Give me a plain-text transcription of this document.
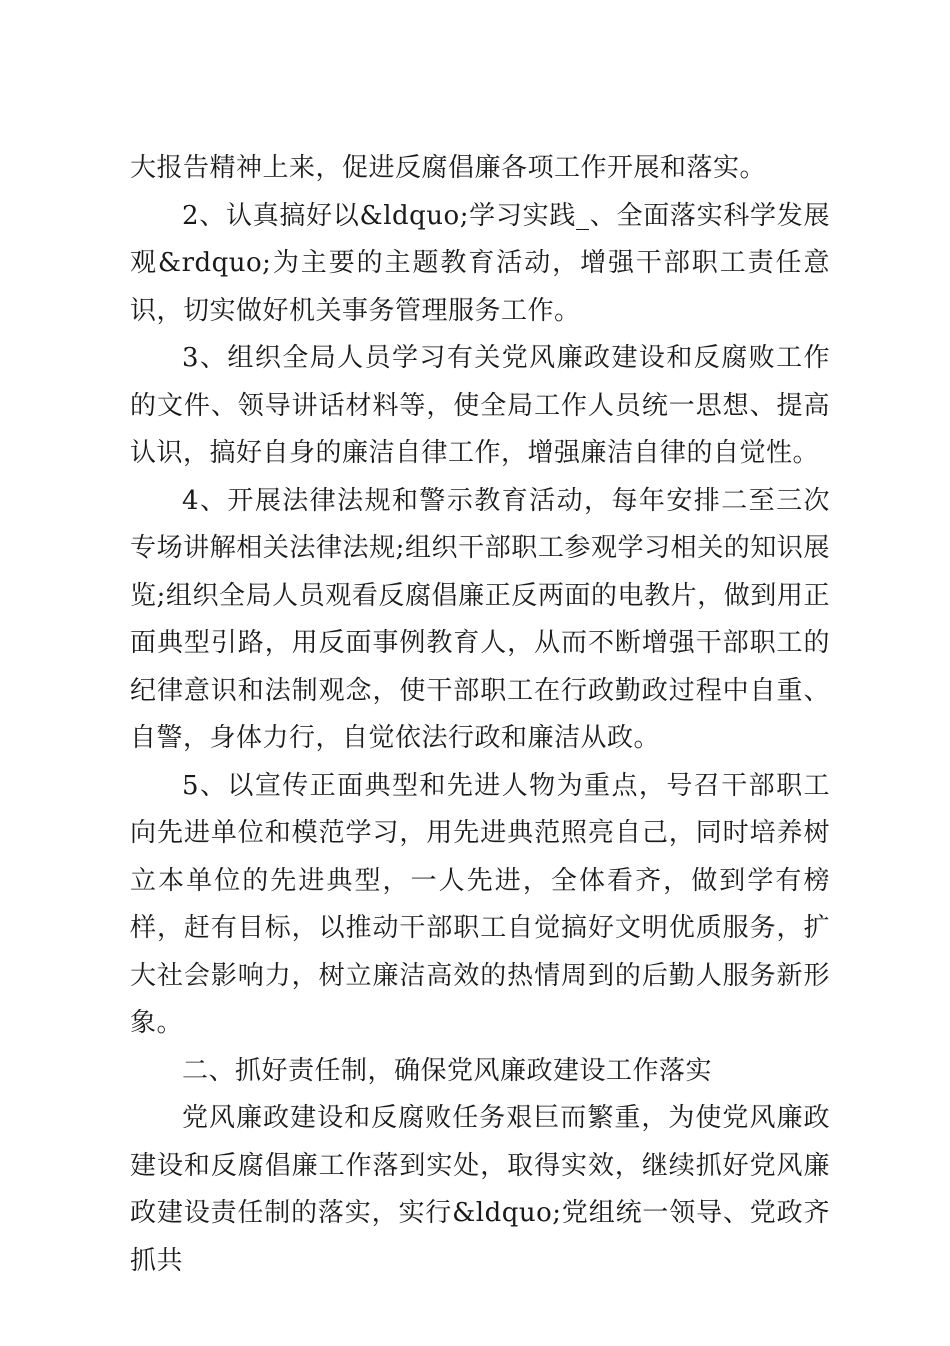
大报告精神上来，促进反腐倡廉各项工作开展和落实。

2、认真搞好以&ldquo;学习实践_、全面落实科学发展观&rdquo;为主要的主题教育活动，增强干部职工责任意识，切实做好机关事务管理服务工作。

3、组织全局人员学习有关党风廉政建设和反腐败工作的文件、领导讲话材料等，使全局工作人员统一思想、提高认识，搞好自身的廉洁自律工作，增强廉洁自律的自觉性。

4、开展法律法规和警示教育活动，每年安排二至三次专场讲解相关法律法规;组织干部职工参观学习相关的知识展览;组织全局人员观看反腐倡廉正反两面的电教片，做到用正面典型引路，用反面事例教育人，从而不断增强干部职工的纪律意识和法制观念，使干部职工在行政勤政过程中自重、自警，身体力行，自觉依法行政和廉洁从政。

5、以宣传正面典型和先进人物为重点，号召干部职工向先进单位和模范学习，用先进典范照亮自己，同时培养树立本单位的先进典型，一人先进，全体看齐，做到学有榜样，赶有目标，以推动干部职工自觉搞好文明优质服务，扩大社会影响力，树立廉洁高效的热情周到的后勤人服务新形象。

二、抓好责任制，确保党风廉政建设工作落实

党风廉政建设和反腐败任务艰巨而繁重，为使党风廉政建设和反腐倡廉工作落到实处，取得实效，继续抓好党风廉政建设责任制的落实，实行&ldquo;党组统一领导、党政齐抓共
